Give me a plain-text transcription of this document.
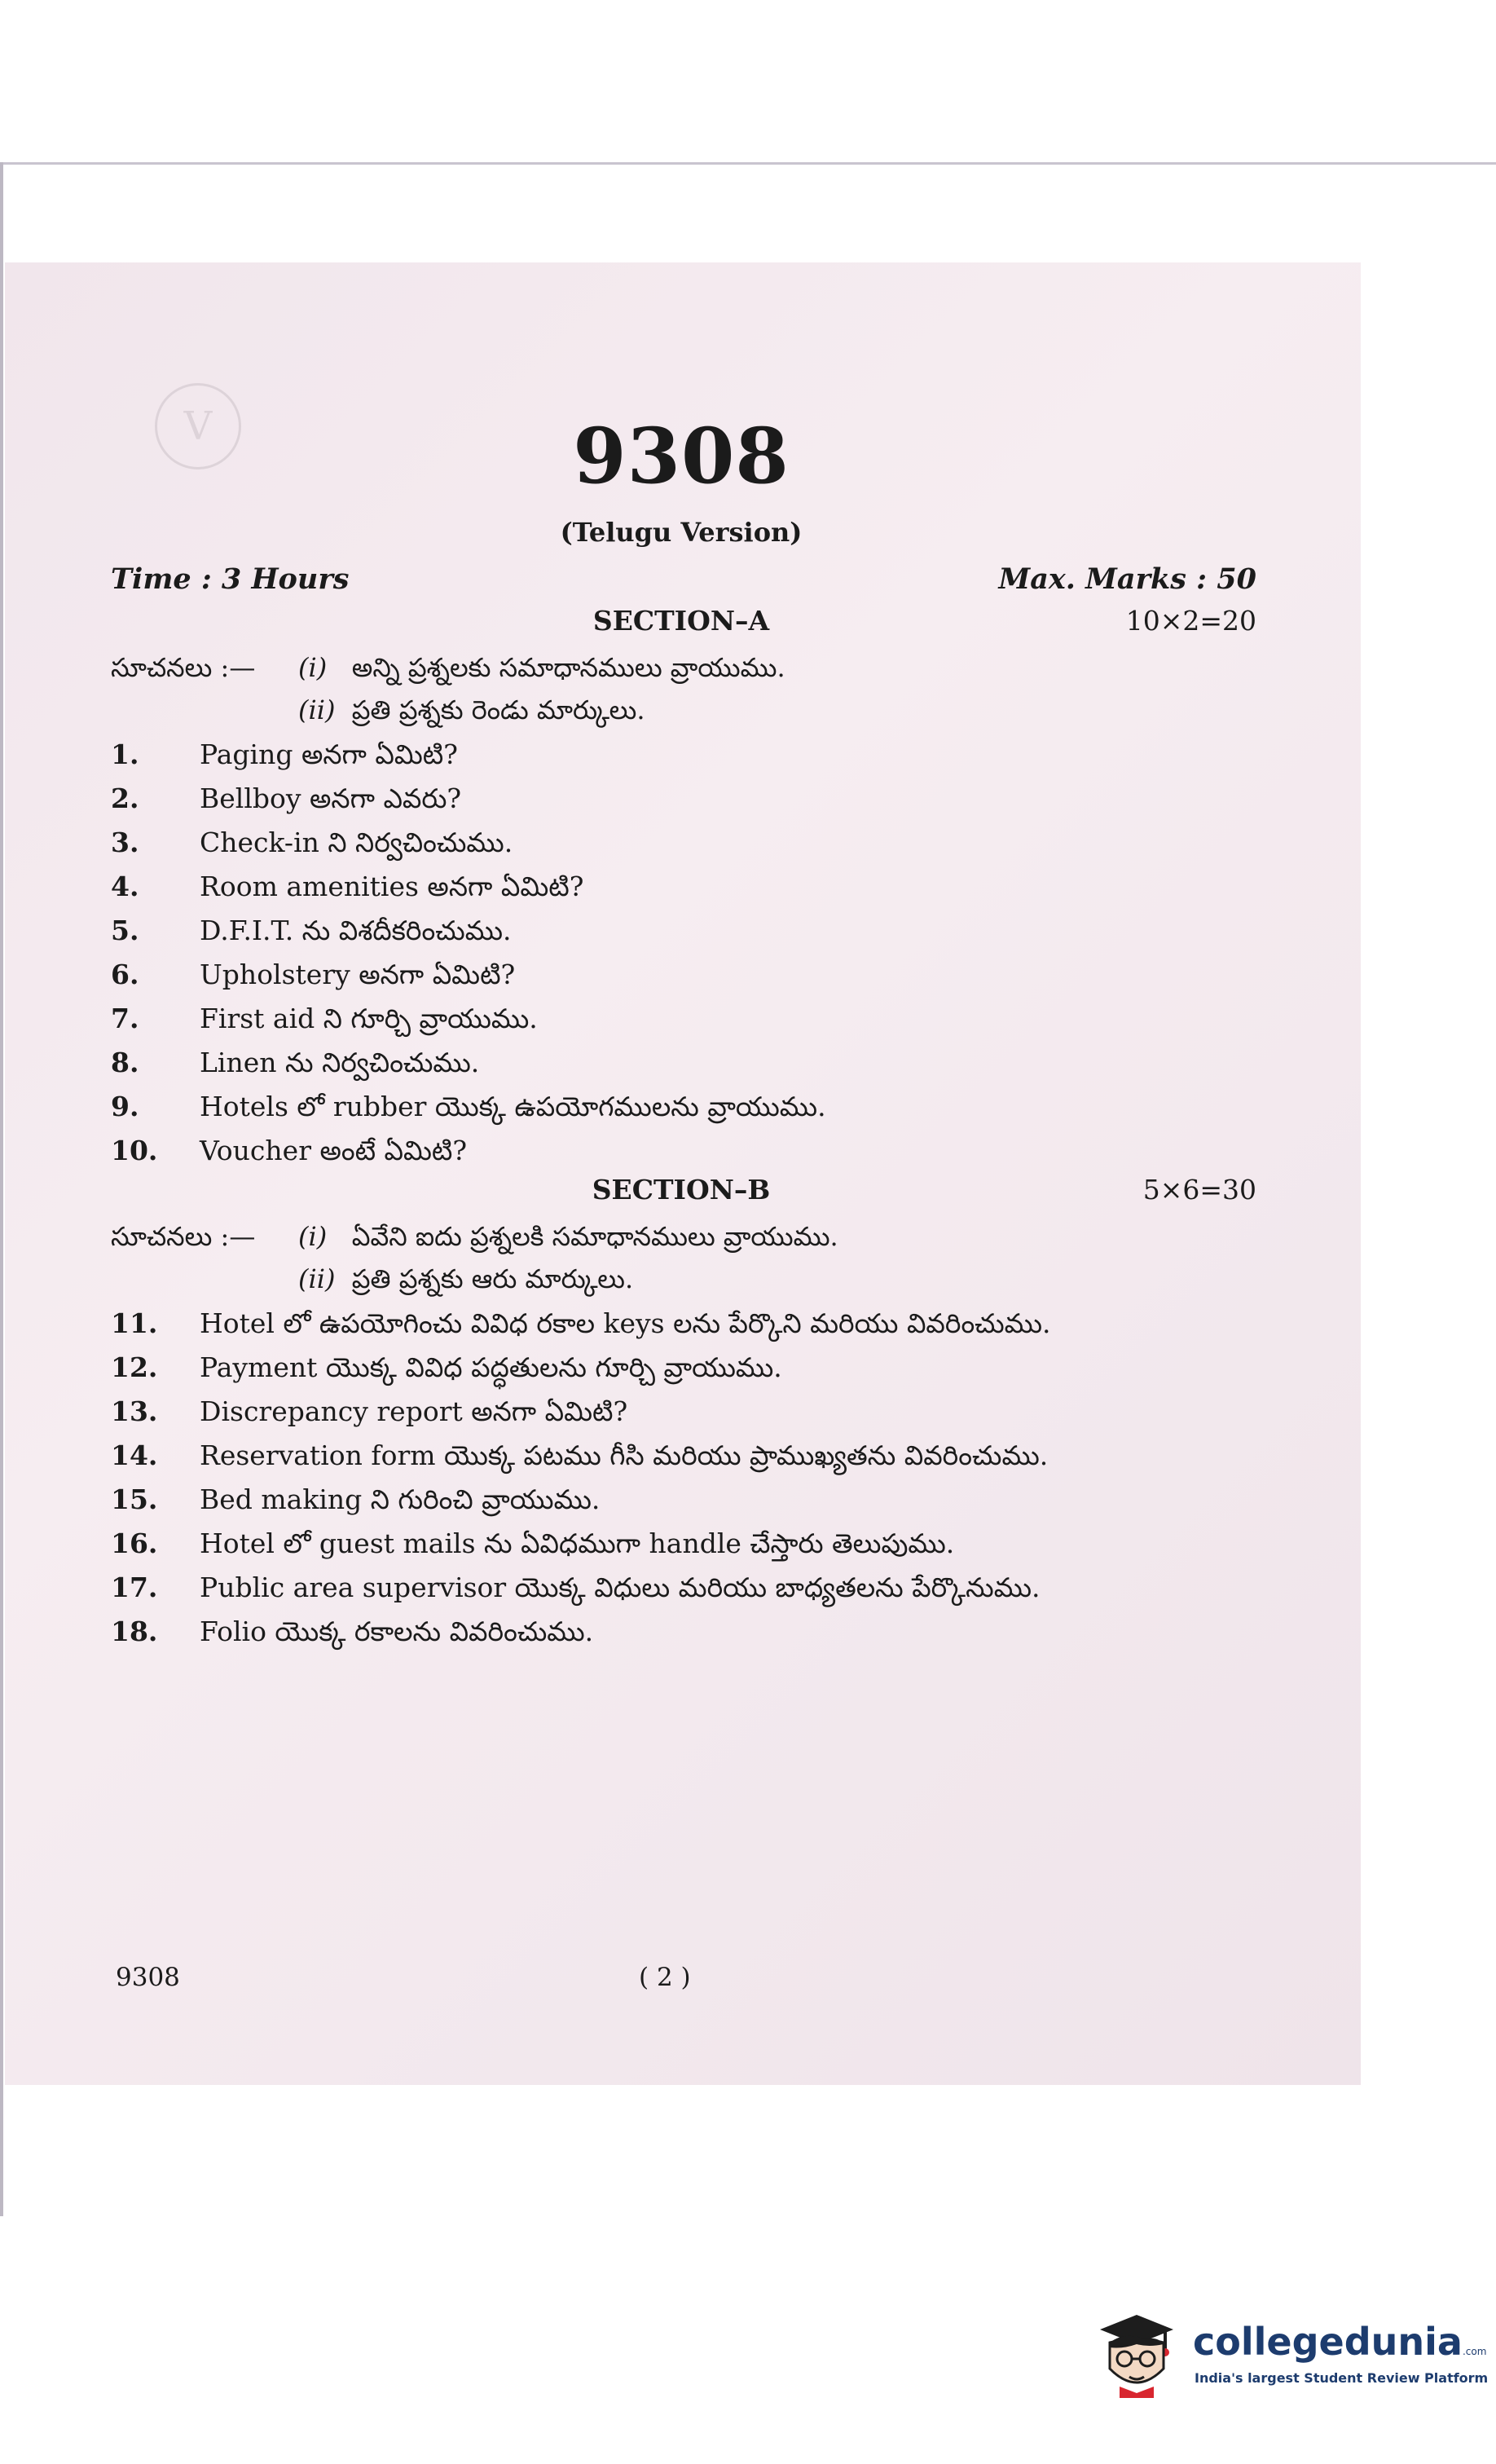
V	9308
(Telugu Version)
Time : 3 Hours	Max. Marks : 50
SECTION–A	10×2=20
సూచనలు :— (i) అన్ని ప్రశ్నలకు సమాధానములు వ్రాయుము.
(ii) ప్రతి ప్రశ్నకు రెండు మార్కులు.
1. Paging అనగా ఏమిటి?
2. Bellboy అనగా ఎవరు?
3. Check-in ని నిర్వచించుము.
4. Room amenities అనగా ఏమిటి?
5. D.F.I.T. ను విశదీకరించుము.
6. Upholstery అనగా ఏమిటి?
7. First aid ని గూర్చి వ్రాయుము.
8. Linen ను నిర్వచించుము.
9. Hotels లో rubber యొక్క ఉపయోగములను వ్రాయుము.
10. Voucher అంటే ఏమిటి?
SECTION–B	5×6=30
సూచనలు :— (i) ఏవేని ఐదు ప్రశ్నలకి సమాధానములు వ్రాయుము.
(ii) ప్రతి ప్రశ్నకు ఆరు మార్కులు.
11. Hotel లో ఉపయోగించు వివిధ రకాల keys లను పేర్కొని మరియు వివరించుము.
12. Payment యొక్క వివిధ పద్ధతులను గూర్చి వ్రాయుము.
13. Discrepancy report అనగా ఏమిటి?
14. Reservation form యొక్క పటము గీసి మరియు ప్రాముఖ్యతను వివరించుము.
15. Bed making ని గురించి వ్రాయుము.
16. Hotel లో guest mails ను ఏవిధముగా handle చేస్తారు తెలుపుము.
17. Public area supervisor యొక్క విధులు మరియు బాధ్యతలను పేర్కొనుము.
18. Folio యొక్క రకాలను వివరించుము.
9308	( 2 )
collegedunia.com
India's largest Student Review Platform
